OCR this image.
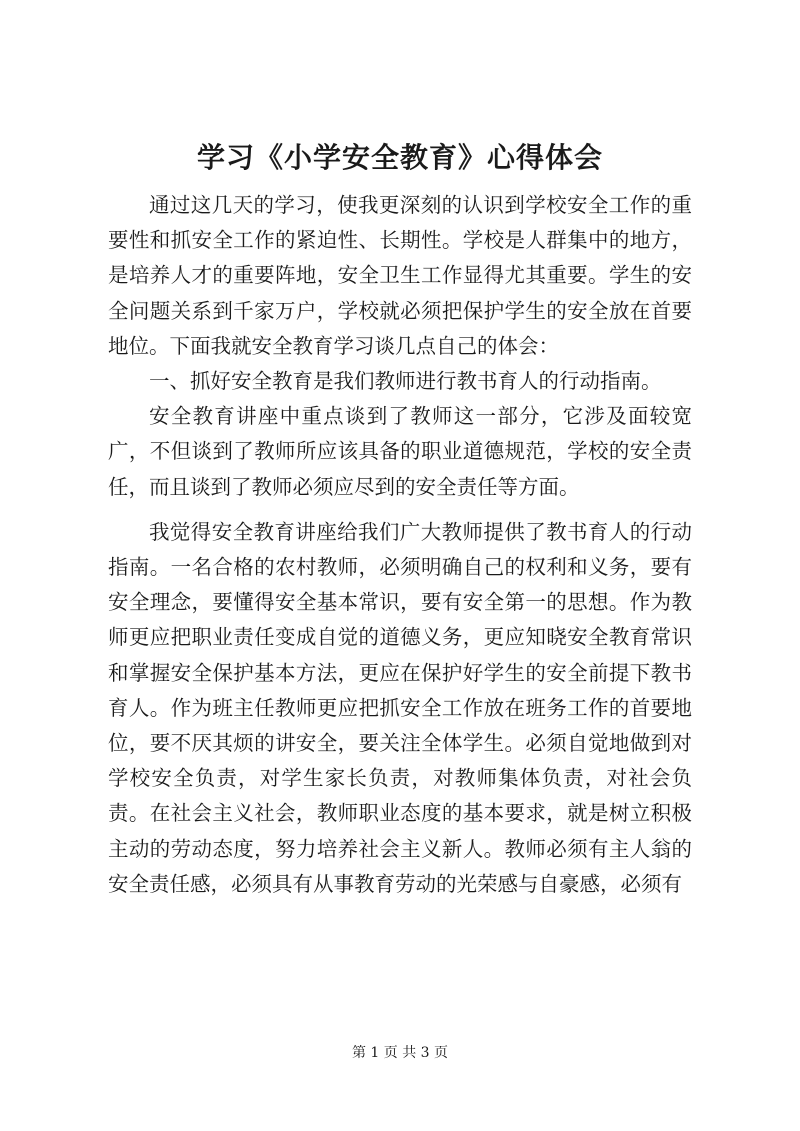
学习《小学安全教育》心得体会

通过这几天的学习，使我更深刻的认识到学校安全工作的重要性和抓安全工作的紧迫性、长期性。学校是人群集中的地方，是培养人才的重要阵地，安全卫生工作显得尤其重要。学生的安全问题关系到千家万户，学校就必须把保护学生的安全放在首要地位。下面我就安全教育学习谈几点自己的体会：

一、抓好安全教育是我们教师进行教书育人的行动指南。

安全教育讲座中重点谈到了教师这一部分，它涉及面较宽广，不但谈到了教师所应该具备的职业道德规范，学校的安全责任，而且谈到了教师必须应尽到的安全责任等方面。

我觉得安全教育讲座给我们广大教师提供了教书育人的行动指南。一名合格的农村教师，必须明确自己的权利和义务，要有安全理念，要懂得安全基本常识，要有安全第一的思想。作为教师更应把职业责任变成自觉的道德义务，更应知晓安全教育常识和掌握安全保护基本方法，更应在保护好学生的安全前提下教书育人。作为班主任教师更应把抓安全工作放在班务工作的首要地位，要不厌其烦的讲安全，要关注全体学生。必须自觉地做到对学校安全负责，对学生家长负责，对教师集体负责，对社会负责。在社会主义社会，教师职业态度的基本要求，就是树立积极主动的劳动态度，努力培养社会主义新人。教师必须有主人翁的安全责任感，必须具有从事教育劳动的光荣感与自豪感，必须有

第 1 页 共 3 页
